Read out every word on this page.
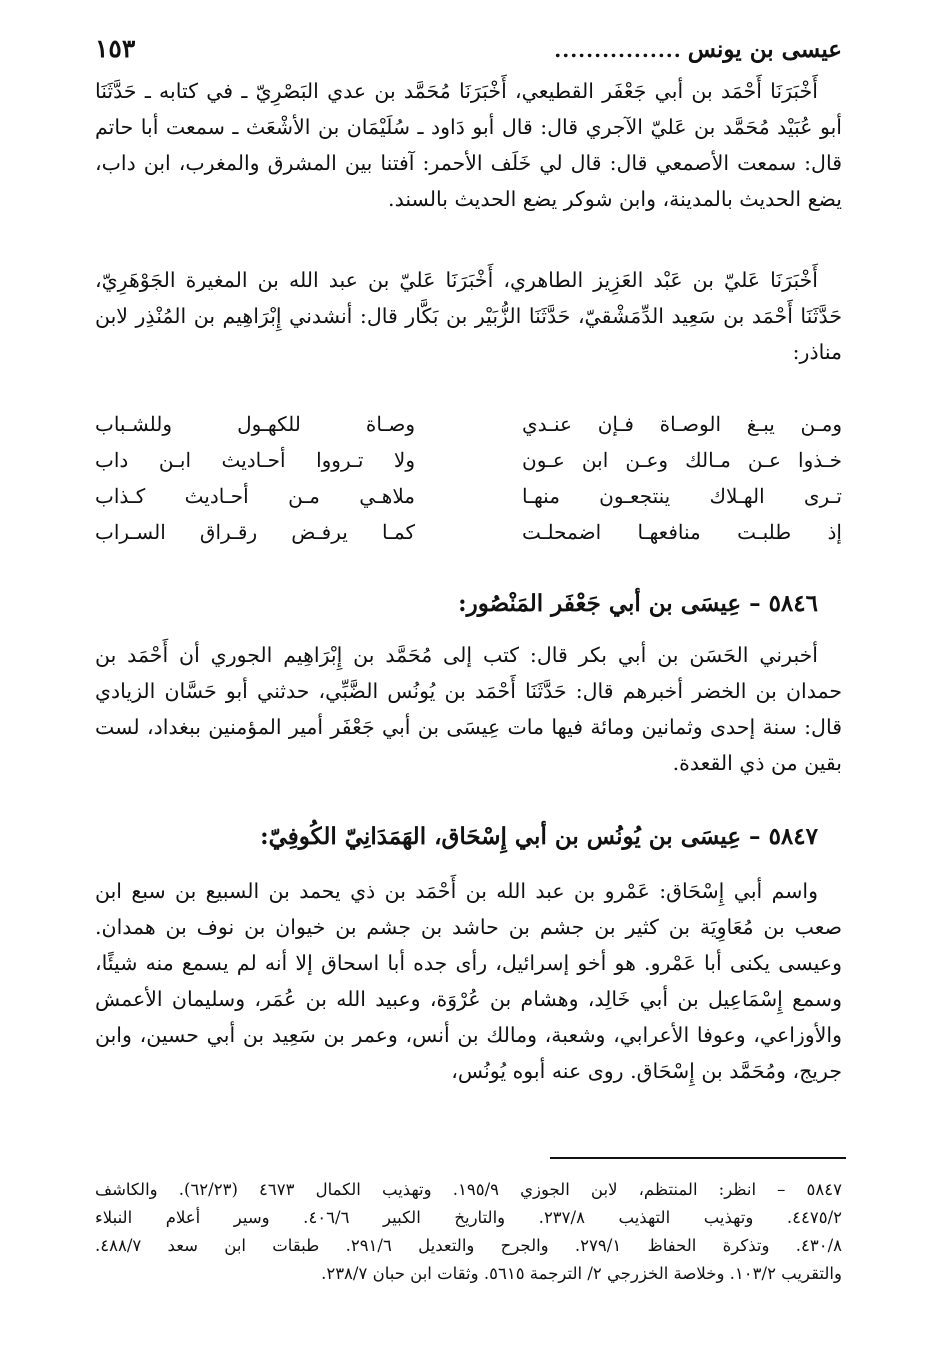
عيسى بن يونس
................
١٥٣

أَخْبَرَنَا أَحْمَد بن أبي جَعْفَر القطيعي، أَخْبَرَنَا مُحَمَّد بن عدي البَصْرِيّ ـ في كتابه ـ حَدَّثَنَا أبو عُبَيْد مُحَمَّد بن عَليّ الآجري قال: قال أبو دَاود ـ سُلَيْمَان بن الأشْعَث ـ سمعت أبا حاتم قال: سمعت الأصمعي قال: قال لي خَلَف الأحمر: آفتنا بين المشرق والمغرب، ابن داب، يضع الحديث بالمدينة، وابن شوكر يضع الحديث بالسند.

أَخْبَرَنَا عَليّ بن عَبْد العَزِيز الطاهري، أَخْبَرَنَا عَليّ بن عبد الله بن المغيرة الجَوْهَرِيّ، حَدَّثَنَا أَحْمَد بن سَعِيد الدِّمَشْقيّ، حَدَّثَنَا الزُّبَيْر بن بَكَّار قال: أنشدني إِبْرَاهِيم بن المُنْذِر لابن مناذر:

ومـن يبـغ الوصـاة فـإن عنـدي
وصـاة للكهـول وللشـباب
خـذوا عـن مـالك وعـن ابن عـون
ولا تـرووا أحـاديث ابـن داب
تـرى الهـلاك ينتجعـون منهـا
ملاهـي مـن أحـاديث كـذاب
إذ طلبـت منافعهـا اضمحلـت
كمـا يرفـض رقـراق السـراب
٥٨٤٦ – عِيسَى بن أبي جَعْفَر المَنْصُور:

أخبرني الحَسَن بن أبي بكر قال: كتب إلى مُحَمَّد بن إِبْرَاهِيم الجوري أن أَحْمَد بن حمدان بن الخضر أخبرهم قال: حَدَّثَنَا أَحْمَد بن يُونُس الضَّبِّي، حدثني أبو حَسَّان الزيادي قال: سنة إحدى وثمانين ومائة فيها مات عِيسَى بن أبي جَعْفَر أمير المؤمنين ببغداد، لست بقين من ذي القعدة.

٥٨٤٧ – عِيسَى بن يُونُس بن أبي إِسْحَاق، الهَمَدَانِيّ الكُوفِيّ:

واسم أبي إِسْحَاق: عَمْرو بن عبد الله بن أَحْمَد بن ذي يحمد بن السبيع بن سبع ابن صعب بن مُعَاوِيَة بن كثير بن جشم بن حاشد بن جشم بن خيوان بن نوف بن همدان. وعيسى يكنى أبا عَمْرو. هو أخو إسرائيل، رأى جده أبا اسحاق إلا أنه لم يسمع منه شيئًا، وسمع إِسْمَاعِيل بن أبي خَالِد، وهشام بن عُرْوَة، وعبيد الله بن عُمَر، وسليمان الأعمش والأوزاعي، وعوفا الأعرابي، وشعبة، ومالك بن أنس، وعمر بن سَعِيد بن أبي حسين، وابن جريج، ومُحَمَّد بن إِسْحَاق. روى عنه أبوه يُونُس،

٥٨٤٧ – انظر: المنتظم، لابن الجوزي ١٩٥/٩. وتهذيب الكمال ٤٦٧٣ (٦٢/٢٣). والكاشف
٤٤٧٥/٢. وتهذيب التهذيب ٢٣٧/٨. والتاريخ الكبير ٤٠٦/٦. وسير أعلام النبلاء
٤٣٠/٨. وتذكرة الحفاظ ٢٧٩/١. والجرح والتعديل ٢٩١/٦. طبقات ابن سعد ٤٨٨/٧.
والتقريب ١٠٣/٢. وخلاصة الخزرجي ٢/ الترجمة ٥٦١٥. وثقات ابن حبان ٢٣٨/٧.
